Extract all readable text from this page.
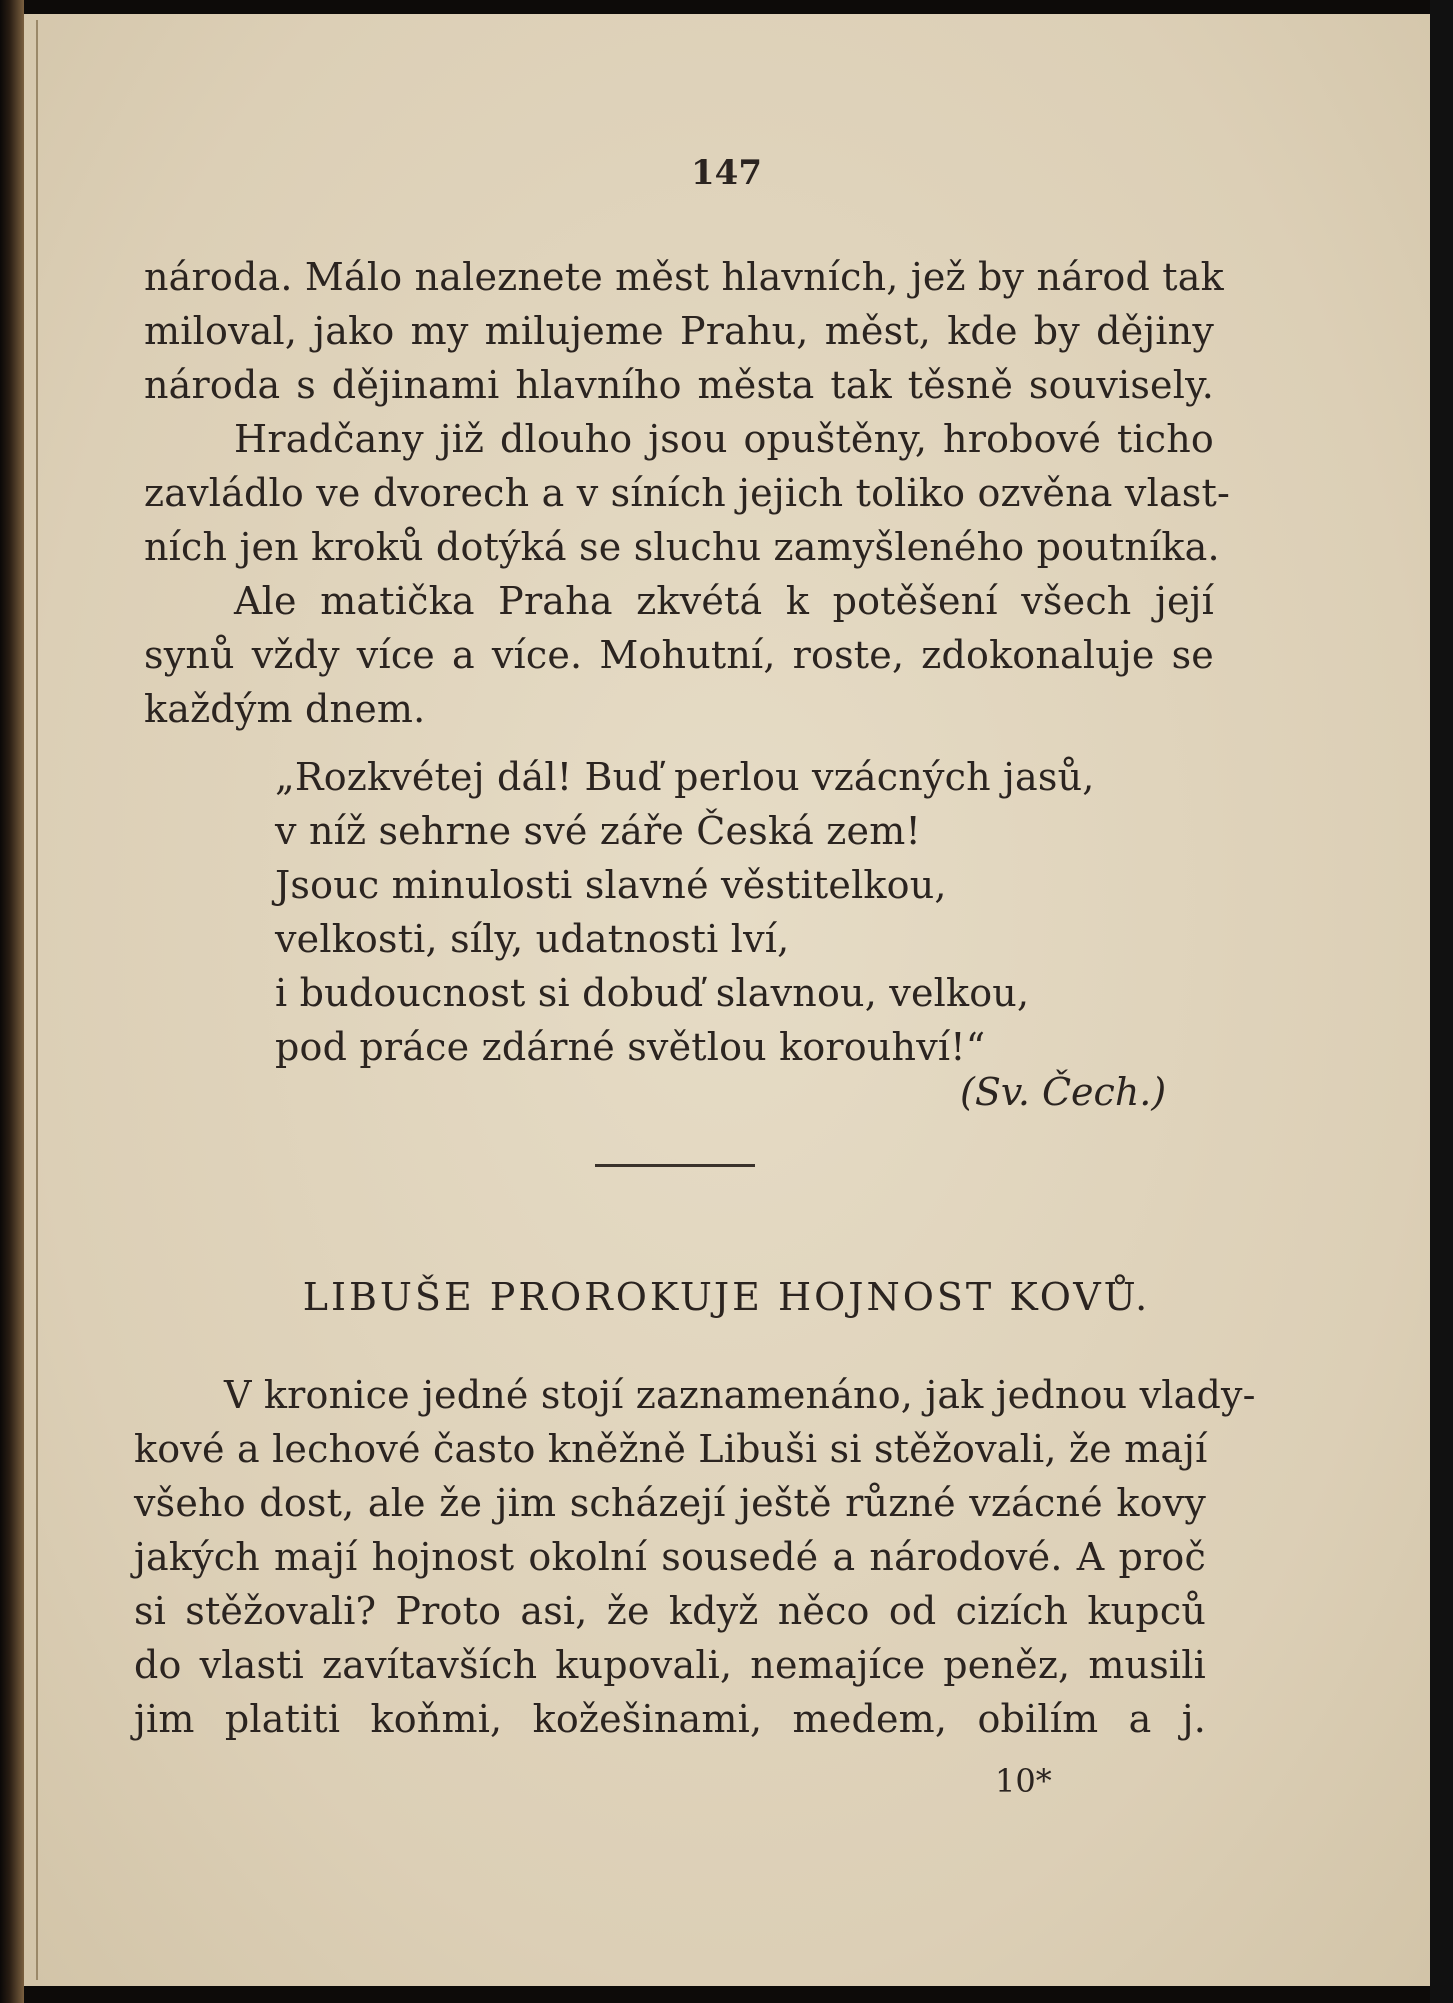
147
národa. Málo naleznete měst hlavních, jež by národ tak
miloval, jako my milujeme Prahu, měst, kde by dějiny
národa s dějinami hlavního města tak těsně souvisely.
Hradčany již dlouho jsou opuštěny, hrobové ticho
zavládlo ve dvorech a v síních jejich toliko ozvěna vlast-
ních jen kroků dotýká se sluchu zamyšleného poutníka.
Ale matička Praha zkvétá k potěšení všech její
synů vždy více a více. Mohutní, roste, zdokonaluje se
každým dnem.
„Rozkvétej dál! Buď perlou vzácných jasů,
v níž sehrne své záře Česká zem!
Jsouc minulosti slavné věstitelkou,
velkosti, síly, udatnosti lví,
i budoucnost si dobuď slavnou, velkou,
pod práce zdárné světlou korouhví!“
(Sv. Čech.)
LIBUŠE PROROKUJE HOJNOST KOVŮ.
V kronice jedné stojí zaznamenáno, jak jednou vlady-
kové a lechové často kněžně Libuši si stěžovali, že mají
všeho dost, ale že jim scházejí ještě různé vzácné kovy
jakých mají hojnost okolní sousedé a národové. A proč
si stěžovali? Proto asi, že když něco od cizích kupců
do vlasti zavítavších kupovali, nemajíce peněz, musili
jim platiti koňmi, kožešinami, medem, obilím a j.
10*
